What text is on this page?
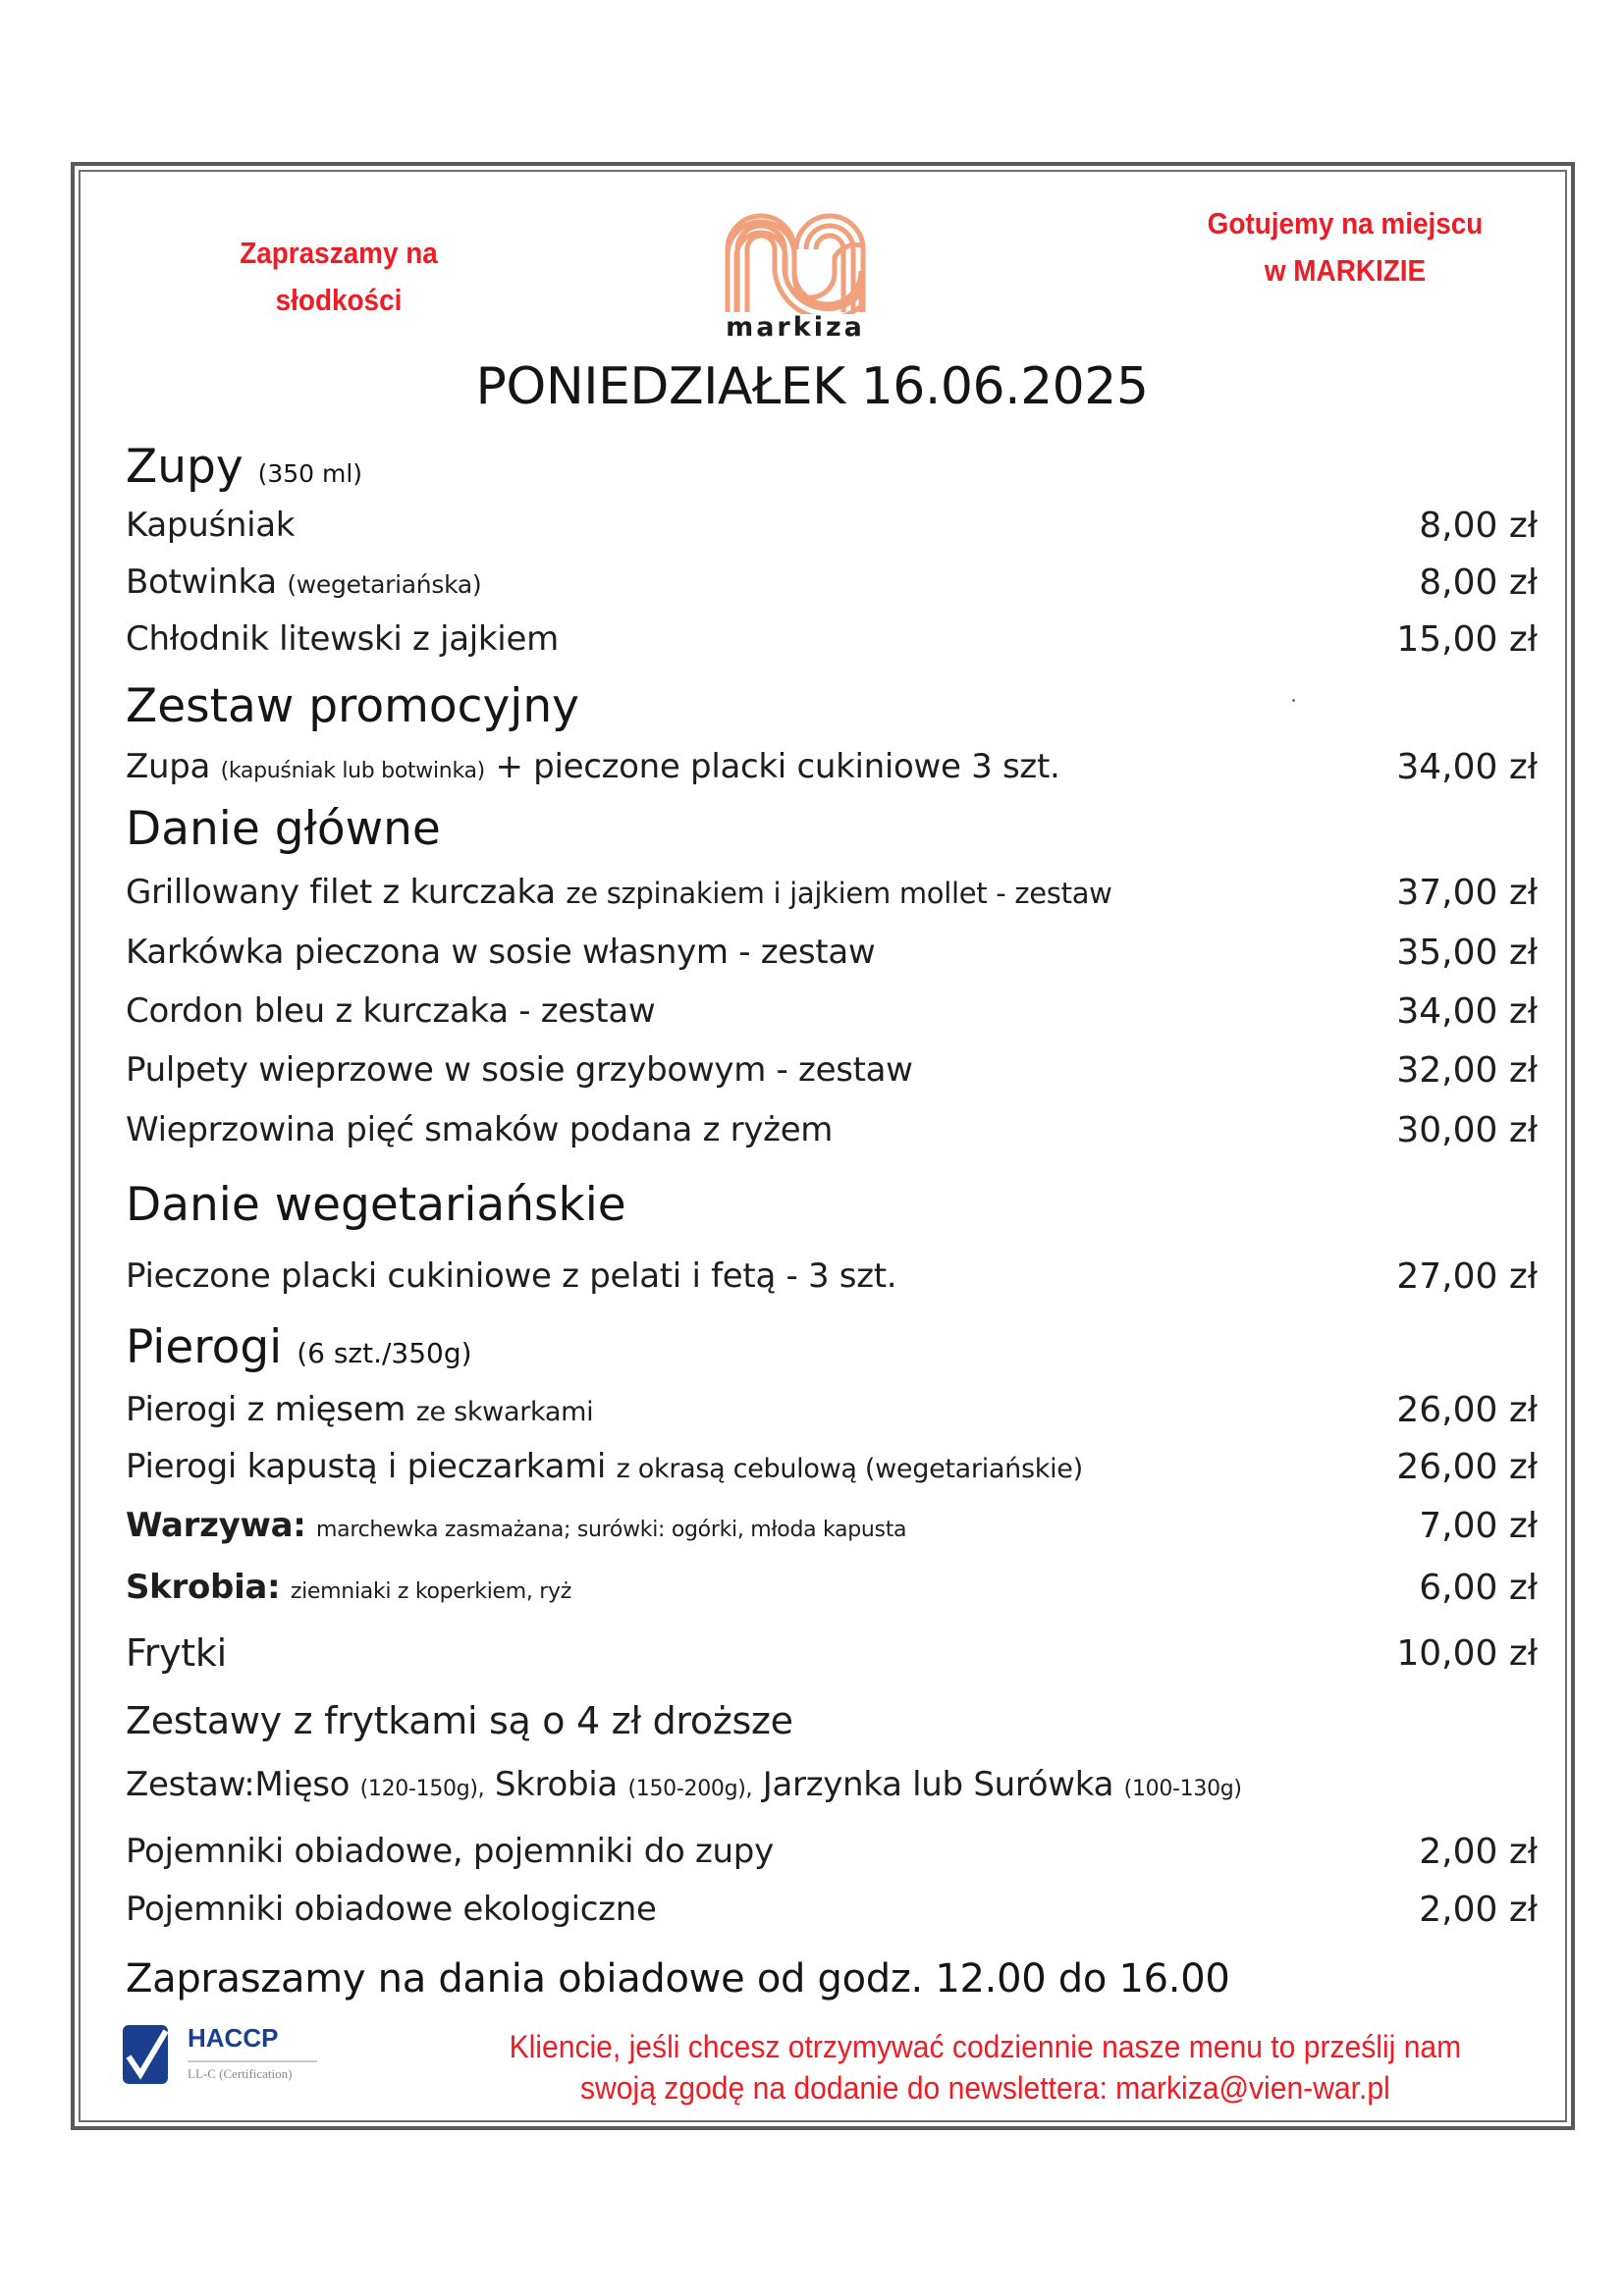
Zapraszamy na
słodkości
Gotujemy na miejscu
w MARKIZIE
markiza
PONIEDZIAŁEK 16.06.2025
Zupy (350 ml)
Kapuśniak	8,00 zł
Botwinka (wegetariańska)	8,00 zł
Chłodnik litewski z jajkiem	15,00 zł
Zestaw promocyjny
Zupa (kapuśniak lub botwinka) + pieczone placki cukiniowe 3 szt.	34,00 zł
Danie główne
Grillowany filet z kurczaka ze szpinakiem i jajkiem mollet - zestaw	37,00 zł
Karkówka pieczona w sosie własnym - zestaw	35,00 zł
Cordon bleu z kurczaka - zestaw	34,00 zł
Pulpety wieprzowe w sosie grzybowym - zestaw	32,00 zł
Wieprzowina pięć smaków podana z ryżem	30,00 zł
Danie wegetariańskie
Pieczone placki cukiniowe z pelati i fetą - 3 szt.	27,00 zł
Pierogi (6 szt./350g)
Pierogi z mięsem ze skwarkami	26,00 zł
Pierogi kapustą i pieczarkami z okrasą cebulową (wegetariańskie)	26,00 zł
Warzywa: marchewka zasmażana; surówki: ogórki, młoda kapusta	7,00 zł
Skrobia: ziemniaki z koperkiem, ryż	6,00 zł
Frytki	10,00 zł
Zestawy z frytkami są o 4 zł droższe
Zestaw:Mięso (120-150g), Skrobia (150-200g), Jarzynka lub Surówka (100-130g)
Pojemniki obiadowe, pojemniki do zupy	2,00 zł
Pojemniki obiadowe ekologiczne	2,00 zł
Zapraszamy na dania obiadowe od godz. 12.00 do 16.00
HACCP
LL-C (Certification)
Kliencie, jeśli chcesz otrzymywać codziennie nasze menu to prześlij nam
swoją zgodę na dodanie do newslettera: markiza@vien-war.pl
